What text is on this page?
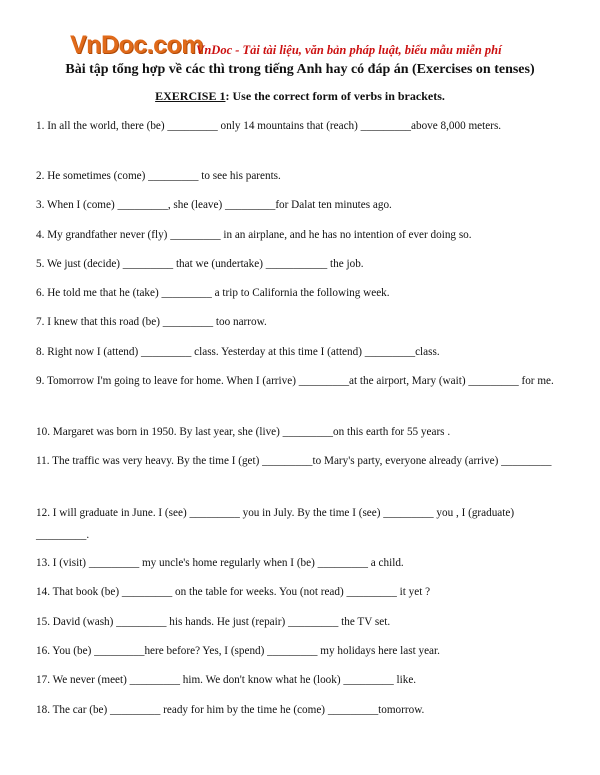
VnDoc.com
VnDoc - Tải tài liệu, văn bản pháp luật, biểu mẫu miễn phí
Bài tập tổng hợp về các thì trong tiếng Anh hay có đáp án (Exercises on tenses)
EXERCISE 1: Use the correct form of verbs in brackets.
1. In all the world, there (be) _________ only 14 mountains that (reach) _________above 8,000 meters.
2. He sometimes (come) _________ to see his parents.
3. When I (come) _________, she (leave) _________for Dalat ten minutes ago.
4. My grandfather never (fly) _________ in an airplane, and he has no intention of ever doing so.
5. We just (decide) _________ that we (undertake) ___________ the job.
6. He told me that he (take) _________ a trip to California the following week.
7. I knew that this road (be) _________ too narrow.
8. Right now I (attend) _________ class. Yesterday at this time I (attend) _________class.
9. Tomorrow I'm going to leave for home. When I (arrive) _________at the airport, Mary (wait) _________ for me.
10. Margaret was born in 1950. By last year, she (live) _________on this earth for 55 years .
11. The traffic was very heavy. By the time I (get) _________to Mary's party, everyone already (arrive) _________
12. I will graduate in June. I (see) _________ you in July. By the time I (see) _________ you , I (graduate) _________.
13. I (visit) _________ my uncle's home regularly when I (be) _________ a child.
14. That book (be) _________ on the table for weeks. You (not read) _________ it yet ?
15. David (wash) _________ his hands. He just (repair) _________ the TV set.
16. You (be) _________here before? Yes, I (spend) _________ my holidays here last year.
17. We never (meet) _________ him. We don't know what he (look) _________ like.
18. The car (be) _________ ready for him by the time he (come) _________tomorrow.
